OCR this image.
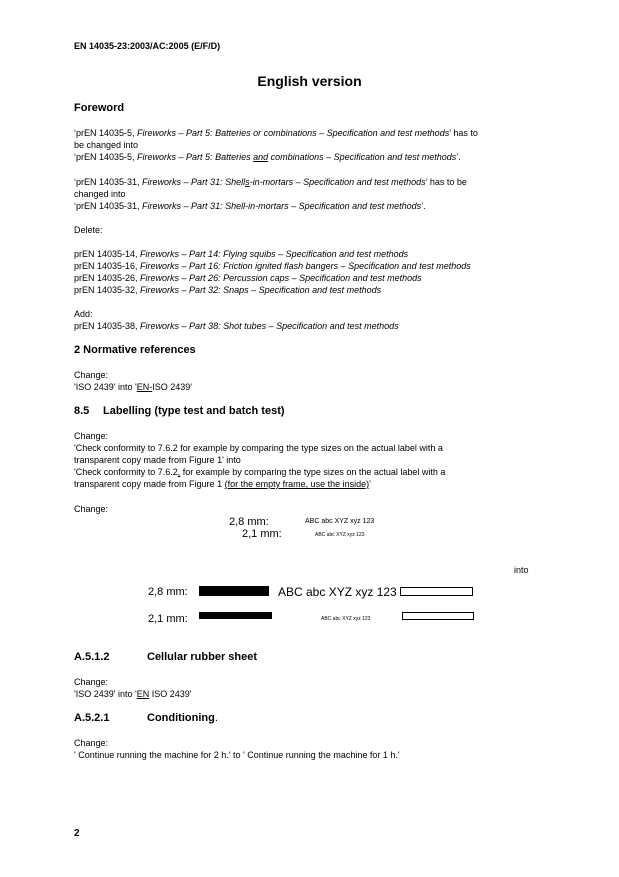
EN 14035-23:2003/AC:2005 (E/F/D)
English version
Foreword
‘prEN 14035-5, Fireworks – Part 5: Batteries or combinations – Specification and test methods’ has to
be changed into
‘prEN 14035-5, Fireworks – Part 5: Batteries and combinations – Specification and test methods’.
‘prEN 14035-31, Fireworks – Part 31: Shells-in-mortars – Specification and test methods’ has to be
changed into
‘prEN 14035-31, Fireworks – Part 31: Shell-in-mortars – Specification and test methods’.
Delete:
prEN 14035-14, Fireworks – Part 14: Flying squibs – Specification and test methods
prEN 14035-16, Fireworks – Part 16: Friction ignited flash bangers – Specification and test methods
prEN 14035-26, Fireworks – Part 26: Percussion caps – Specification and test methods
prEN 14035-32, Fireworks – Part 32: Snaps – Specification and test methods
Add:
prEN 14035-38, Fireworks – Part 38: Shot tubes – Specification and test methods
2 Normative references
Change:
'ISO 2439' into 'EN-ISO 2439'
8.5 Labelling (type test and batch test)
Change:
'Check conformity to 7.6.2 for example by comparing the type sizes on the actual label with a
transparent copy made from Figure 1' into
'Check conformity to 7.6.2, for example by comparing the type sizes on the actual label with a
transparent copy made from Figure 1 (for the empty frame, use the inside)'
Change:
2,8 mm:	ABC abc XYZ xyz 123
2,1 mm:	ABC abc XYZ xyz 123
into
2,8 mm:	ABC abc XYZ xyz 123
2,1 mm:	ABC abc XYZ xyz 123
A.5.1.2	Cellular rubber sheet
Change:
'ISO 2439' into 'EN ISO 2439'
A.5.2.1	Conditioning.
Change:
' Continue running the machine for 2 h.' to ' Continue running the machine for 1 h.'
2
